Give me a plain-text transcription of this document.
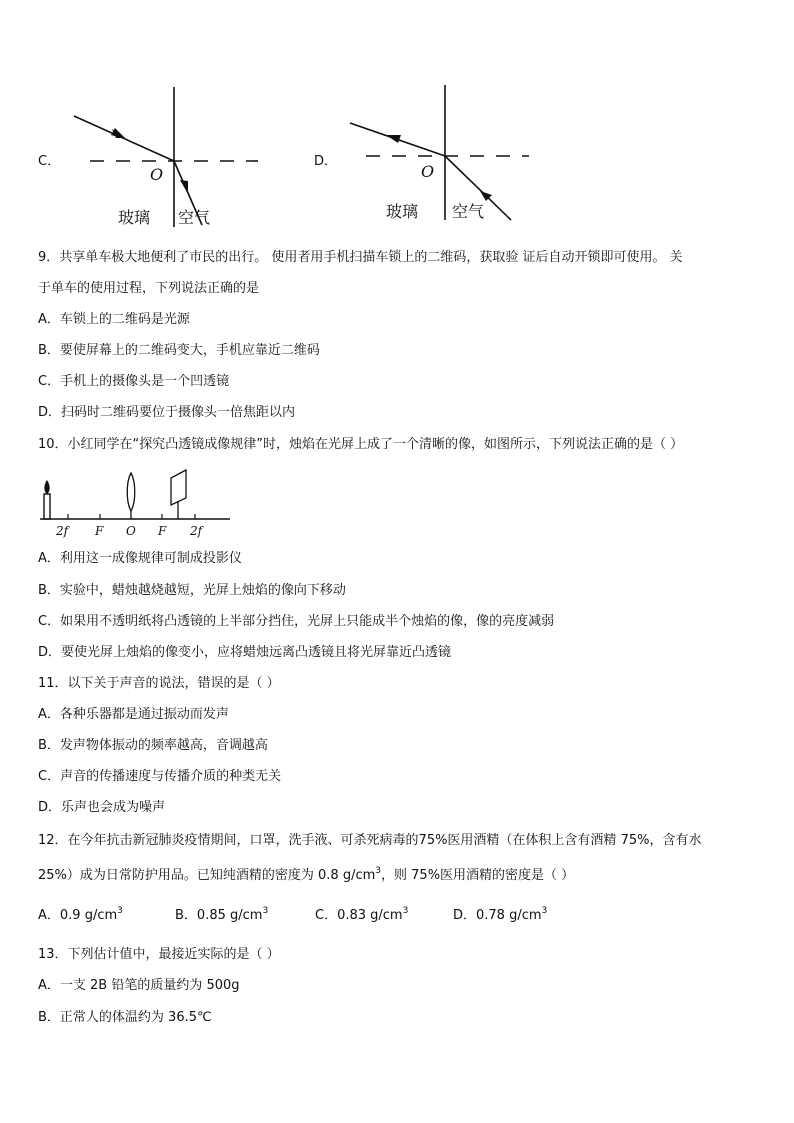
C．
O
玻璃 空气
D．
O
玻璃 空气
9．共享单车极大地便利了市民的出行。 使用者用手机扫描车锁上的二维码，获取验 证后自动开锁即可使用。 关
于单车的使用过程，下列说法正确的是
A．车锁上的二维码是光源
B．要使屏幕上的二维码变大，手机应靠近二维码
C．手机上的摄像头是一个凹透镜
D．扫码时二维码要位于摄像头一倍焦距以内
10．小红同学在“探究凸透镜成像规律”时，烛焰在光屏上成了一个清晰的像，如图所示，下列说法正确的是（ ）
2f F O F 2f
A．利用这一成像规律可制成投影仪
B．实验中，蜡烛越烧越短，光屏上烛焰的像向下移动
C．如果用不透明纸将凸透镜的上半部分挡住，光屏上只能成半个烛焰的像，像的亮度减弱
D．要使光屏上烛焰的像变小，应将蜡烛远离凸透镜且将光屏靠近凸透镜
11．以下关于声音的说法，错误的是（ ）
A．各种乐器都是通过振动而发声
B．发声物体振动的频率越高，音调越高
C．声音的传播速度与传播介质的种类无关
D．乐声也会成为噪声
12．在今年抗击新冠肺炎疫情期间，口罩，洗手液、可杀死病毒的75%医用酒精（在体积上含有酒精 75%，含有水
25%）成为日常防护用品。已知纯酒精的密度为 0.8 $g/cm^3$，则 75%医用酒精的密度是（ ）
A．0.9 $g/cm^3$	B．0.85 $g/cm^3$	C．0.83 $g/cm^3$	D．0.78 $g/cm^3$
13．下列估计值中，最接近实际的是（ ）
A．一支 2B 铅笔的质量约为 500g
B．正常人的体温约为 36.5℃
